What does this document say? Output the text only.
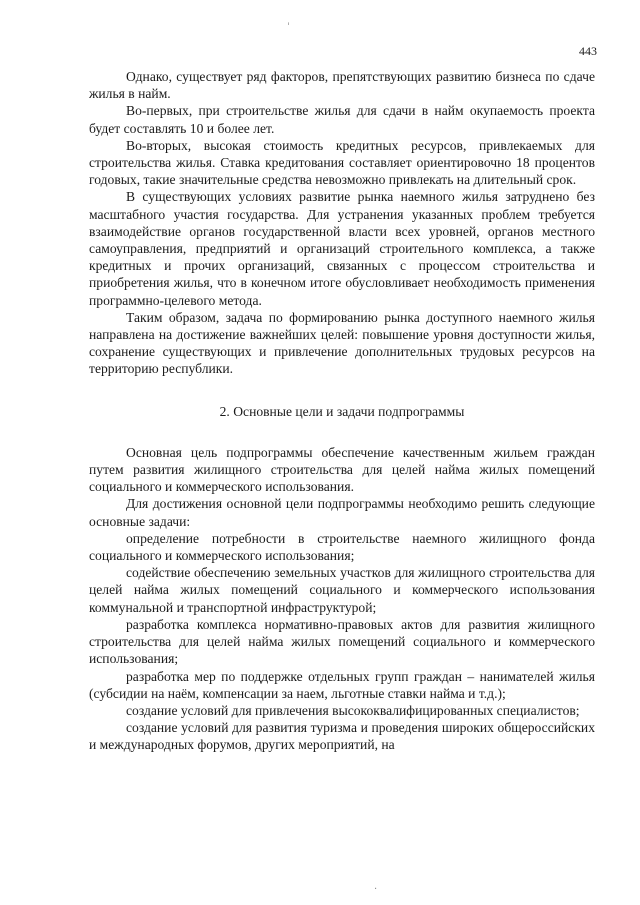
ˈ
443

Однако, существует ряд факторов, препятствующих развитию бизнеса по сдаче жилья в найм.

Во-первых, при строительстве жилья для сдачи в найм окупаемость проекта будет составлять 10 и более лет.

Во-вторых, высокая стоимость кредитных ресурсов, привлекаемых для строительства жилья. Ставка кредитования составляет ориентировочно 18 процентов годовых, такие значительные средства невозможно привлекать на длительный срок.

В существующих условиях развитие рынка наемного жилья затруднено без масштабного участия государства. Для устранения указанных проблем требуется взаимодействие органов государственной власти всех уровней, органов местного самоуправления, предприятий и организаций строительного комплекса, а также кредитных и прочих организаций, связанных с процессом строительства и приобретения жилья, что в конечном итоге обусловливает необходимость применения программно-целевого метода.

Таким образом, задача по формированию рынка доступного наемного жилья направлена на достижение важнейших целей: повышение уровня доступности жилья, сохранение существующих и привлечение дополнительных трудовых ресурсов на территорию республики.

2. Основные цели и задачи подпрограммы

Основная цель подпрограммы обеспечение качественным жильем граждан путем развития жилищного строительства для целей найма жилых помещений социального и коммерческого использования.

Для достижения основной цели подпрограммы необходимо решить следующие основные задачи:

определение потребности в строительстве наемного жилищного фонда социального и коммерческого использования;

содействие обеспечению земельных участков для жилищного строительства для целей найма жилых помещений социального и коммерческого использования коммунальной и транспортной инфраструктурой;

разработка комплекса нормативно-правовых актов для развития жилищного строительства для целей найма жилых помещений социального и коммерческого использования;

разработка мер по поддержке отдельных групп граждан – нанимателей жилья (субсидии на наём, компенсации за наем, льготные ставки найма и т.д.);

создание условий для привлечения высококвалифицированных специалистов;

создание условий для развития туризма и проведения широких общероссийских и международных форумов, других мероприятий, на

·
